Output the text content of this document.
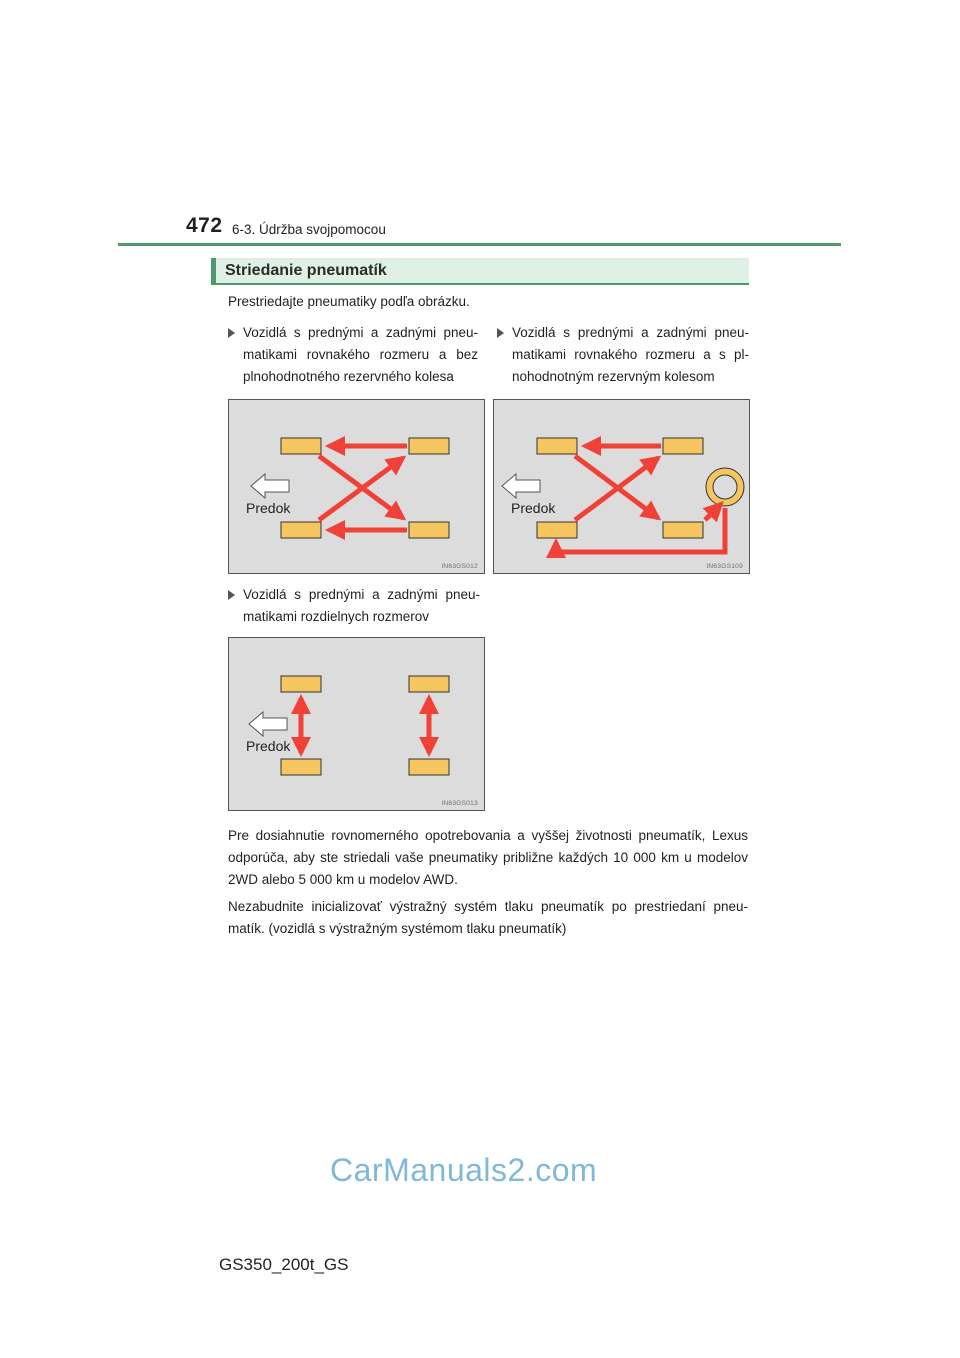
472 6-3. Údržba svojpomocou
Striedanie pneumatík
Prestriedajte pneumatiky podľa obrázku.
Vozidlá s prednými a zadnými pneu-matikami rovnakého rozmeru a bez plnohodnotného rezervného kolesa
Vozidlá s prednými a zadnými pneu-matikami rovnakého rozmeru a s pl-nohodnotným rezervným kolesom
Predok
IN63GS012
Predok
IN63GS109
Vozidlá s prednými a zadnými pneu-matikami rozdielnych rozmerov
Predok
IN63GS013
Pre dosiahnutie rovnomerného opotrebovania a vyššej životnosti pneumatík, Lexus odporúča, aby ste striedali vaše pneumatiky približne každých 10 000 km u modelov 2WD alebo 5 000 km u modelov AWD.
Nezabudnite inicializovať výstražný systém tlaku pneumatík po prestriedaní pneu-matík. (vozidlá s výstražným systémom tlaku pneumatík)
CarManuals2.com
GS350_200t_GS
